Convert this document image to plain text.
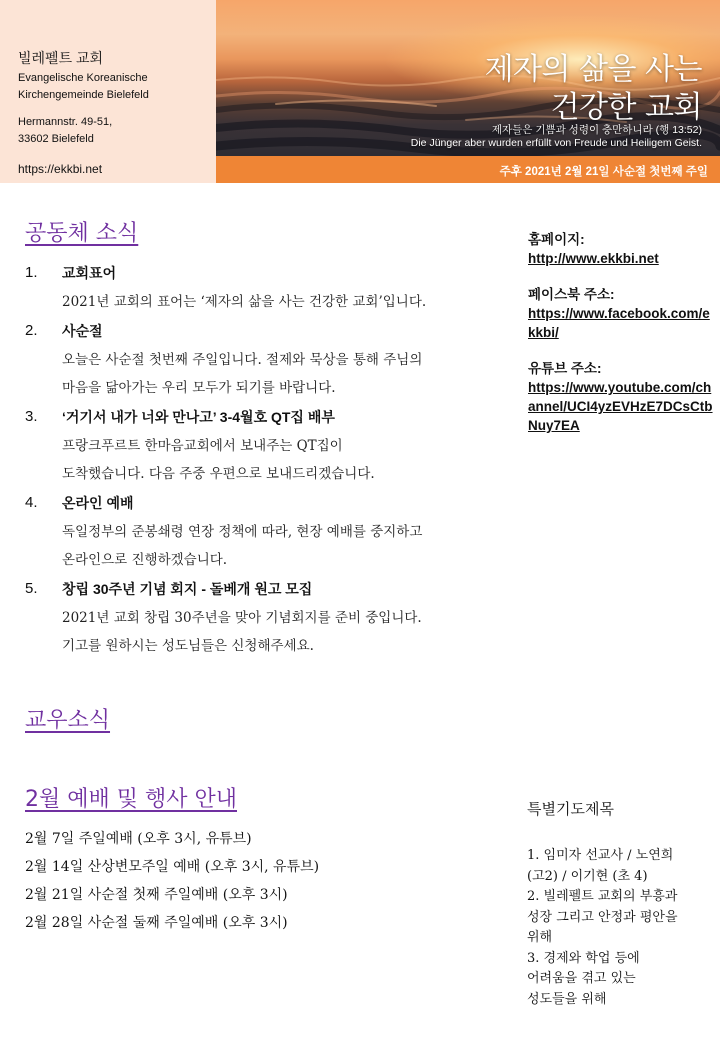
빌레펠트 교회
Evangelische Koreanische
Kirchengemeinde Bielefeld
Hermannstr. 49-51,
33602 Bielefeld
https://ekkbi.net
제자의 삶을 사는
건강한 교회
제자들은 기쁨과 성령이 충만하니라 (행 13:52)
Die Jünger aber wurden erfüllt von Freude und Heiligem Geist.
주후 2021년 2월 21일 사순절 첫번째 주일
공동체 소식
1. 교회표어
2021년 교회의 표어는 ‘제자의 삶을 사는 건강한 교회’입니다.
2. 사순절
오늘은 사순절 첫번째 주일입니다. 절제와 묵상을 통해 주님의
마음을 닮아가는 우리 모두가 되기를 바랍니다.
3. ‘거기서 내가 너와 만나고’ 3-4월호 QT집 배부
프랑크푸르트 한마음교회에서 보내주는 QT집이
도착했습니다. 다음 주중 우편으로 보내드리겠습니다.
4. 온라인 예배
독일정부의 준봉쇄령 연장 정책에 따라, 현장 예배를 중지하고
온라인으로 진행하겠습니다.
5. 창립 30주년 기념 회지 - 돌베개 원고 모집
2021년 교회 창립 30주년을 맞아 기념회지를 준비 중입니다.
기고를 원하시는 성도님들은 신청해주세요.
교우소식
2월 예배 및 행사 안내
2월 7일 주일예배 (오후 3시, 유튜브)
2월 14일 산상변모주일 예배 (오후 3시, 유튜브)
2월 21일 사순절 첫째 주일예배 (오후 3시)
2월 28일 사순절 둘째 주일예배 (오후 3시)
홈페이지:
http://www.ekkbi.net
페이스북 주소:
https://www.facebook.com/ekkbi/
유튜브 주소:
https://www.youtube.com/channel/UCI4yzEVHzE7DCsCtbNuy7EA
특별기도제목
1. 임미자 선교사 / 노연희
(고2) / 이기현 (초 4)
2. 빌레펠트 교회의 부흥과
성장 그리고 안정과 평안을
위해
3. 경제와 학업 등에
어려움을 겪고 있는
성도들을 위해
